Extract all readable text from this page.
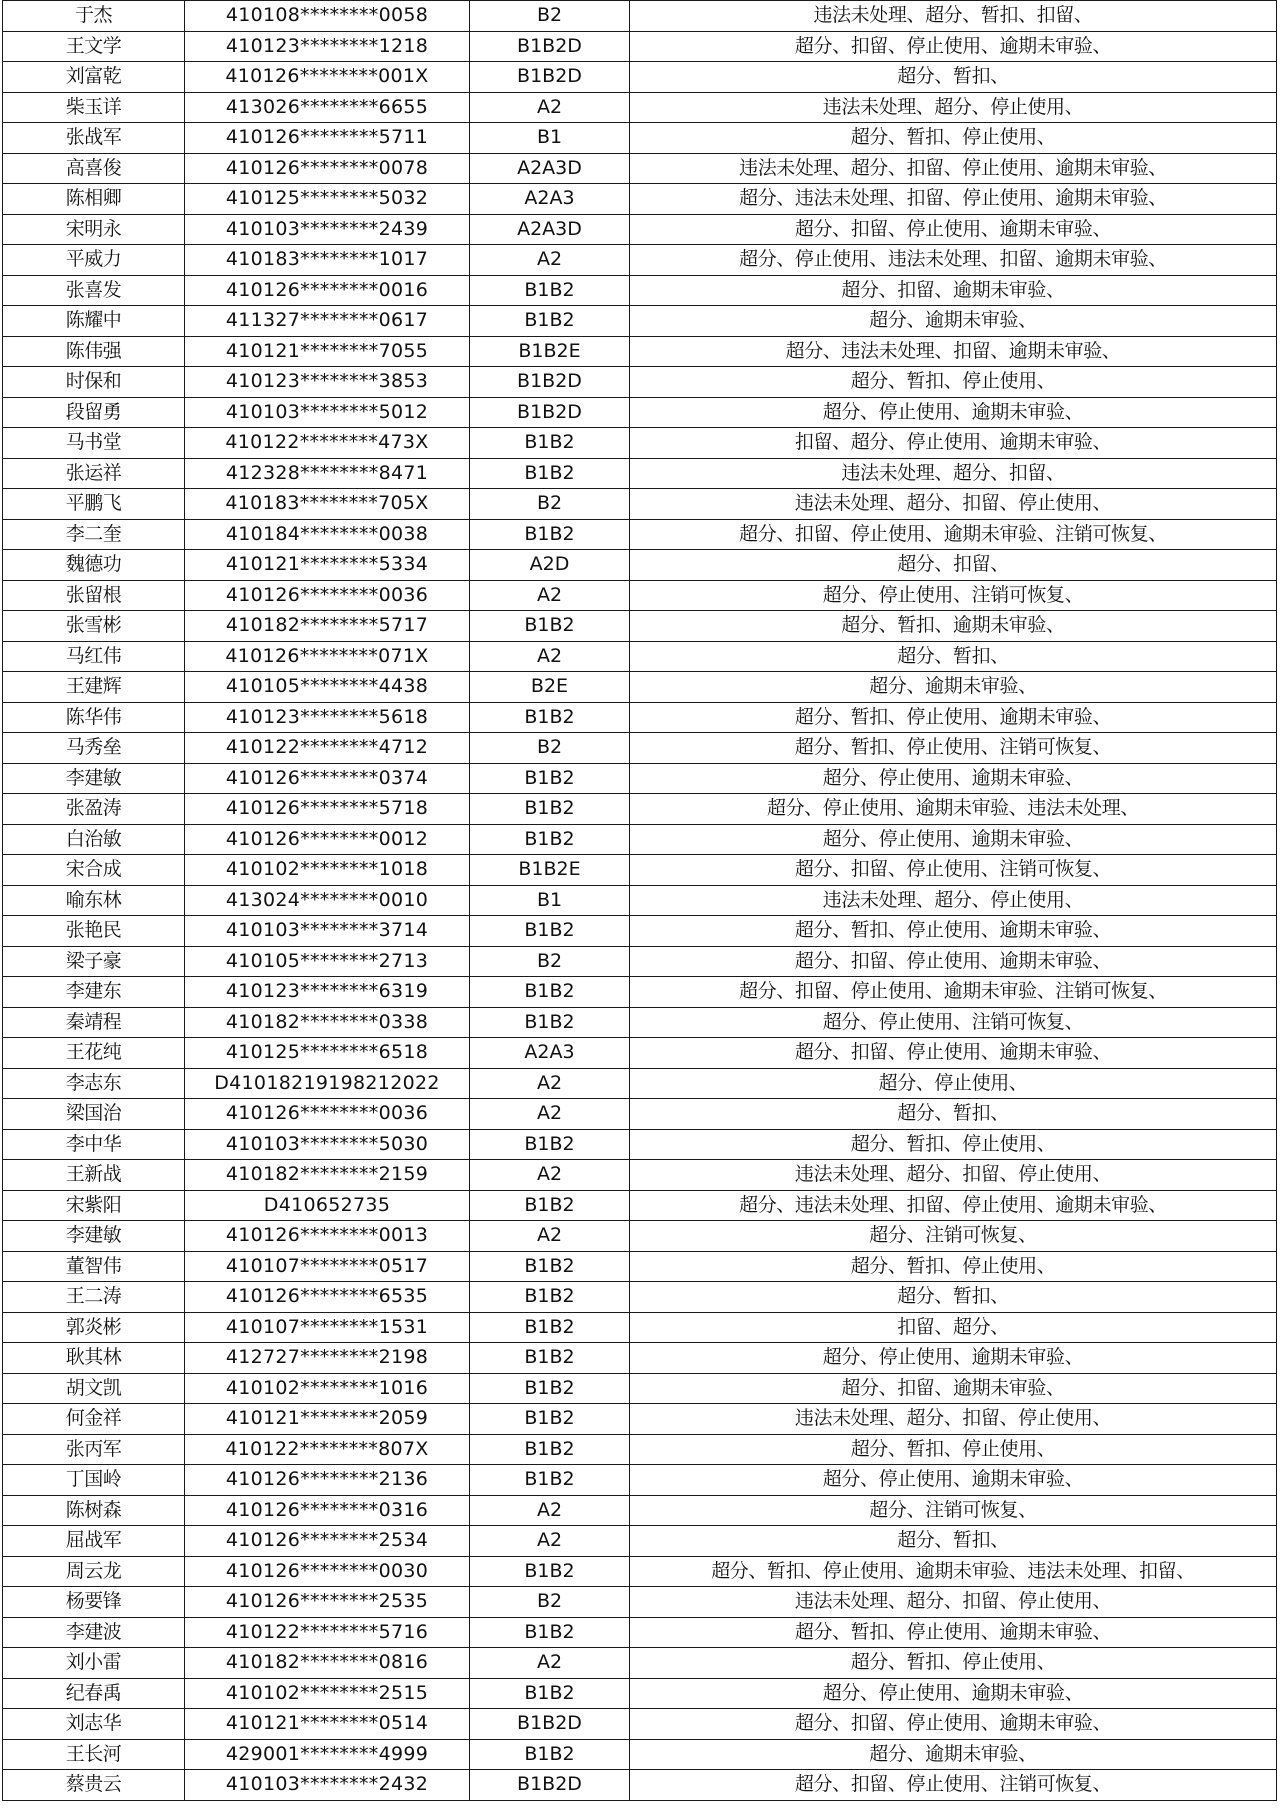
于杰	410108********0058	B2	违法未处理、超分、暂扣、扣留、
王文学	410123********1218	B1B2D	超分、扣留、停止使用、逾期未审验、
刘富乾	410126********001X	B1B2D	超分、暂扣、
柴玉详	413026********6655	A2	违法未处理、超分、停止使用、
张战军	410126********5711	B1	超分、暂扣、停止使用、
高喜俊	410126********0078	A2A3D	违法未处理、超分、扣留、停止使用、逾期未审验、
陈相卿	410125********5032	A2A3	超分、违法未处理、扣留、停止使用、逾期未审验、
宋明永	410103********2439	A2A3D	超分、扣留、停止使用、逾期未审验、
平威力	410183********1017	A2	超分、停止使用、违法未处理、扣留、逾期未审验、
张喜发	410126********0016	B1B2	超分、扣留、逾期未审验、
陈耀中	411327********0617	B1B2	超分、逾期未审验、
陈伟强	410121********7055	B1B2E	超分、违法未处理、扣留、逾期未审验、
时保和	410123********3853	B1B2D	超分、暂扣、停止使用、
段留勇	410103********5012	B1B2D	超分、停止使用、逾期未审验、
马书堂	410122********473X	B1B2	扣留、超分、停止使用、逾期未审验、
张运祥	412328********8471	B1B2	违法未处理、超分、扣留、
平鹏飞	410183********705X	B2	违法未处理、超分、扣留、停止使用、
李二奎	410184********0038	B1B2	超分、扣留、停止使用、逾期未审验、注销可恢复、
魏德功	410121********5334	A2D	超分、扣留、
张留根	410126********0036	A2	超分、停止使用、注销可恢复、
张雪彬	410182********5717	B1B2	超分、暂扣、逾期未审验、
马红伟	410126********071X	A2	超分、暂扣、
王建辉	410105********4438	B2E	超分、逾期未审验、
陈华伟	410123********5618	B1B2	超分、暂扣、停止使用、逾期未审验、
马秀垒	410122********4712	B2	超分、暂扣、停止使用、注销可恢复、
李建敏	410126********0374	B1B2	超分、停止使用、逾期未审验、
张盈涛	410126********5718	B1B2	超分、停止使用、逾期未审验、违法未处理、
白治敏	410126********0012	B1B2	超分、停止使用、逾期未审验、
宋合成	410102********1018	B1B2E	超分、扣留、停止使用、注销可恢复、
喻东林	413024********0010	B1	违法未处理、超分、停止使用、
张艳民	410103********3714	B1B2	超分、暂扣、停止使用、逾期未审验、
梁子豪	410105********2713	B2	超分、扣留、停止使用、逾期未审验、
李建东	410123********6319	B1B2	超分、扣留、停止使用、逾期未审验、注销可恢复、
秦靖程	410182********0338	B1B2	超分、停止使用、注销可恢复、
王花纯	410125********6518	A2A3	超分、扣留、停止使用、逾期未审验、
李志东	D41018219198212022	A2	超分、停止使用、
梁国治	410126********0036	A2	超分、暂扣、
李中华	410103********5030	B1B2	超分、暂扣、停止使用、
王新战	410182********2159	A2	违法未处理、超分、扣留、停止使用、
宋紫阳	D410652735	B1B2	超分、违法未处理、扣留、停止使用、逾期未审验、
李建敏	410126********0013	A2	超分、注销可恢复、
董智伟	410107********0517	B1B2	超分、暂扣、停止使用、
王二涛	410126********6535	B1B2	超分、暂扣、
郭炎彬	410107********1531	B1B2	扣留、超分、
耿其林	412727********2198	B1B2	超分、停止使用、逾期未审验、
胡文凯	410102********1016	B1B2	超分、扣留、逾期未审验、
何金祥	410121********2059	B1B2	违法未处理、超分、扣留、停止使用、
张丙军	410122********807X	B1B2	超分、暂扣、停止使用、
丁国岭	410126********2136	B1B2	超分、停止使用、逾期未审验、
陈树森	410126********0316	A2	超分、注销可恢复、
屈战军	410126********2534	A2	超分、暂扣、
周云龙	410126********0030	B1B2	超分、暂扣、停止使用、逾期未审验、违法未处理、扣留、
杨要锋	410126********2535	B2	违法未处理、超分、扣留、停止使用、
李建波	410122********5716	B1B2	超分、暂扣、停止使用、逾期未审验、
刘小雷	410182********0816	A2	超分、暂扣、停止使用、
纪春禹	410102********2515	B1B2	超分、停止使用、逾期未审验、
刘志华	410121********0514	B1B2D	超分、扣留、停止使用、逾期未审验、
王长河	429001********4999	B1B2	超分、逾期未审验、
蔡贵云	410103********2432	B1B2D	超分、扣留、停止使用、注销可恢复、
